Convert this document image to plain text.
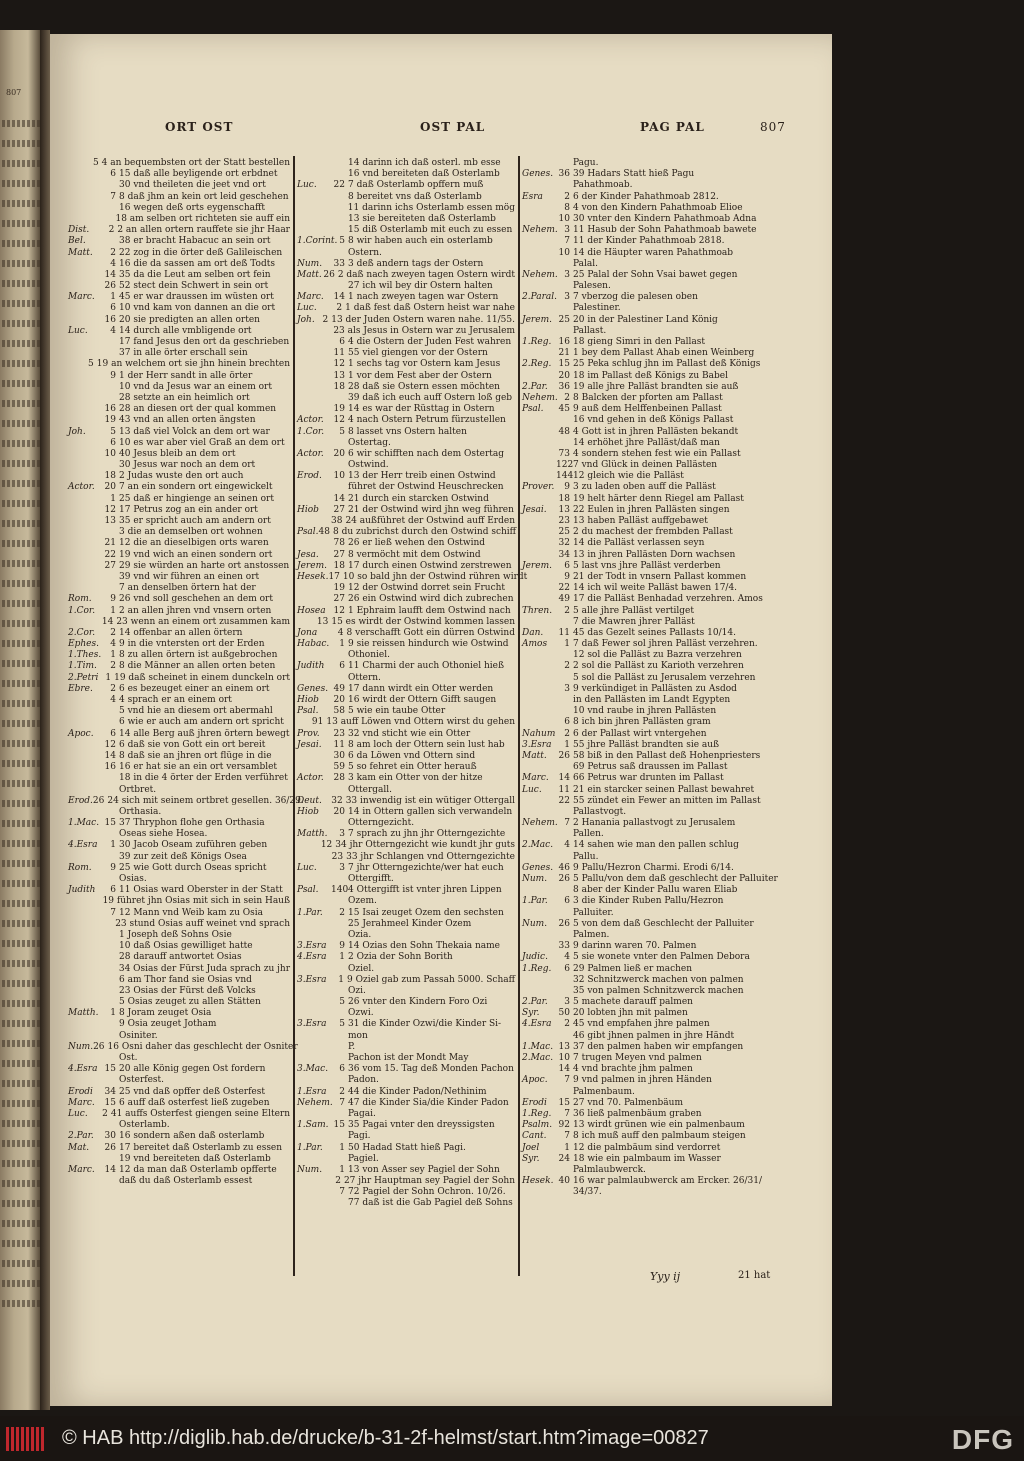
807
ORT OST	OST PAL	PAG PAL	807
5 4 an bequembsten ort der Statt bestellen
6 15 daß alle beyligende ort erbdnet
30 vnd theileten die jeet vnd ort
7 8 daß jhm an kein ort leid geschehen
16 wegen deß orts eygenschafft
18 am selben ort richteten sie auff ein
Dist.	2 2 an allen ortern rauffete sie jhr Haar
Bel.	38 er bracht Habacuc an sein ort
Matt.	2 22 zog in die örter deß Galileischen
4 16 die da sassen am ort deß Todts
14 35 da die Leut am selben ort fein
26 52 stect dein Schwert in sein ort
Marc.	1 45 er war draussen im wüsten ort
6 10 vnd kam von dannen an die ort
16 20 sie predigten an allen orten
Luc.	4 14 durch alle vmbligende ort
17 fand Jesus den ort da geschrieben
37 in alle örter erschall sein
5 19 an welchem ort sie jhn hinein brechten
9 1 der Herr sandt in alle örter
10 vnd da Jesus war an einem ort
28 setzte an ein heimlich ort
16 28 an diesen ort der qual kommen
19 43 vnd an allen orten ängsten
Joh.	5 13 daß viel Volck an dem ort war
6 10 es war aber viel Graß an dem ort
10 40 Jesus bleib an dem ort
30 Jesus war noch an dem ort
18 2 Judas wuste den ort auch
Actor.	20 7 an ein sondern ort eingewickelt
1 25 daß er hingienge an seinen ort
12 17 Petrus zog an ein ander ort
13 35 er spricht auch am andern ort
3 die an demselben ort wohnen
21 12 die an dieselbigen orts waren
22 19 vnd wich an einen sondern ort
27 29 sie würden an harte ort anstossen
39 vnd wir führen an einen ort
7 an denselben örtern hat der
Rom.	9 26 vnd soll geschehen an dem ort
1.Cor.	1 2 an allen jhren vnd vnsern orten
14 23 wenn an einem ort zusammen kam
2.Cor.	2 14 offenbar an allen örtern
Ephes.	4 9 in die vntersten ort der Erden
1.Thes.	1 8 zu allen örtern ist außgebrochen
1.Tim.	2 8 die Männer an allen orten beten
2.Petri 1 19 daß scheinet in einem dunckeln ort
Ebre.	2 6 es bezeuget einer an einem ort
4 4 sprach er an einem ort
5 vnd hie an diesem ort abermahl
6 wie er auch am andern ort spricht
Apoc.	6 14 alle Berg auß jhren örtern bewegt
12 6 daß sie von Gott ein ort bereit
14 8 daß sie an jhren ort flüge in die
16 16 er hat sie an ein ort versamblet
18 in die 4 örter der Erden verführet
Ortbret.
Erod. 26 24 sich mit seinem ortbret gesellen. 36/29.
Orthasia.
1.Mac. 15 37 Thryphon flohe gen Orthasia
Oseas siehe Hosea.
4.Esra	1 30 Jacob Oseam zuführen geben
39 zur zeit deß Königs Osea
Rom.	9 25 wie Gott durch Oseas spricht
Osias.
Judith	6 11 Osias ward Oberster in der Statt
19 führet jhn Osias mit sich in sein Hauß
7 12 Mann vnd Weib kam zu Osia
23 stund Osias auff weinet vnd sprach
1 Joseph deß Sohns Osie
10 daß Osias gewilliget hatte
28 darauff antwortet Osias
34 Osias der Fürst Juda sprach zu jhr
6 am Thor fand sie Osias vnd
23 Osias der Fürst deß Volcks
5 Osias zeuget zu allen Stätten
Matth.	1 8 Joram zeuget Osia
9 Osia zeuget Jotham
Osiniter.
Num. 26 16 Osni daher das geschlecht der Osniter
Ost.
4.Esra 15 20 alle König gegen Ost fordern
Osterfest.
Erodi	34 25 vnd daß opffer deß Osterfest
Marc.	15 6 auff daß osterfest ließ zugeben
Luc.	2 41 auffs Osterfest giengen seine Eltern
Osterlamb.
2.Par.	30 16 sondern aßen daß osterlamb
Mat.	26 17 bereitet daß Osterlamb zu essen
19 vnd bereiteten daß Osterlamb
Marc.	14 12 da man daß Osterlamb opfferte
daß du daß Osterlamb essest
14 darinn ich daß osterl. mb esse
16 vnd bereiteten daß Osterlamb
Luc.	22 7 daß Osterlamb opffern muß
8 bereitet vns daß Osterlamb
11 darinn ichs Osterlamb essen mög
13 sie bereiteten daß Osterlamb
15 diß Osterlamb mit euch zu essen
1.Corint. 5 8 wir haben auch ein osterlamb
Ostern.
Num.	33 3 deß andern tags der Ostern
Matt. 26 2 daß nach zweyen tagen Ostern wirdt
27 ich wil bey dir Ostern halten
Marc.	14 1 nach zweyen tagen war Ostern
Luc.	2 1 daß fest daß Ostern heist war nahe
Joh. 2 13 der Juden Ostern waren nahe. 11/55.
23 als Jesus in Ostern war zu Jerusalem
6 4 die Ostern der Juden Fest wahren
11 55 viel giengen vor der Ostern
12 1 sechs tag vor Ostern kam Jesus
13 1 vor dem Fest aber der Ostern
18 28 daß sie Ostern essen möchten
39 daß ich euch auff Ostern loß geb
19 14 es war der Rüsttag in Ostern
Actor.	12 4 nach Ostern Petrum fürzustellen
1.Cor.	5 8 lasset vns Ostern halten
Ostertag.
Actor.	20 6 wir schifften nach dem Ostertag
Ostwind.
Erod.	10 13 der Herr treib einen Ostwind
führet der Ostwind Heuschrecken
14 21 durch ein starcken Ostwind
Hiob	27 21 der Ostwind wird jhn weg führen
38 24 außführet der Ostwind auff Erden
Psal. 48 8 du zubrichst durch den Ostwind schiff
78 26 er ließ wehen den Ostwind
Jesa.	27 8 vermöcht mit dem Ostwind
Jerem. 18 17 durch einen Ostwind zerstrewen
Hesek. 17 10 so bald jhn der Ostwind rühren wirdt
19 12 der Ostwind dorret sein Frucht
27 26 ein Ostwind wird dich zubrechen
Hosea 12 1 Ephraim laufft dem Ostwind nach
13 15 es wirdt der Ostwind kommen lassen
Jona	4 8 verschafft Gott ein dürren Ostwind
Habac.	1 9 sie reissen hindurch wie Ostwind
Othoniel.
Judith	6 11 Charmi der auch Othoniel hieß
Ottern.
Genes. 49 17 dann wirdt ein Otter werden
Hiob	20 16 wirdt der Ottern Gifft saugen
Psal.	58 5 wie ein taube Otter
91 13 auff Löwen vnd Ottern wirst du gehen
Prov.	23 32 vnd sticht wie ein Otter
Jesai.	11 8 am loch der Ottern sein lust hab
30 6 da Löwen vnd Ottern sind
59 5 so fehret ein Otter herauß
Actor.	28 3 kam ein Otter von der hitze
Ottergall.
Deut.	32 33 inwendig ist ein wütiger Ottergall
Hiob	20 14 in Ottern gallen sich verwandeln
Otterngezicht.
Matth.	3 7 sprach zu jhn jhr Otterngezichte
12 34 jhr Otterngezicht wie kundt jhr guts
23 33 jhr Schlangen vnd Otterngezichte
Luc.	3 7 jhr Otterngezichte/wer hat euch
Ottergifft.
Psal.	140 4 Ottergifft ist vnter jhren Lippen
Ozem.
1.Par.	2 15 Isai zeuget Ozem den sechsten
25 Jerahmeel Kinder Ozem
Ozia.
3.Esra	9 14 Ozias den Sohn Thekaia name
4.Esra	1 2 Ozia der Sohn Borith
Oziel.
3.Esra	1 9 Oziel gab zum Passah 5000. Schaff
Ozi.
5 26 vnter den Kindern Foro Ozi
Ozwi.
3.Esra	5 31 die Kinder Ozwi/die Kinder Si-
mon
P.
Pachon ist der Mondt May
3.Mac.	6 36 vom 15. Tag deß Monden Pachon
Padon.
1.Esra	2 44 die Kinder Padon/Nethinim
Nehem. 7 47 die Kinder Sia/die Kinder Padon
Pagai.
1.Sam. 15 35 Pagai vnter den dreyssigsten
Pagi.
1.Par.	1 50 Hadad Statt hieß Pagi.
Pagiel.
Num.	1 13 von Asser sey Pagiel der Sohn
2 27 jhr Hauptman sey Pagiel der Sohn
7 72 Pagiel der Sohn Ochron. 10/26.
77 daß ist die Gab Pagiel deß Sohns
Pagu.
Genes. 36 39 Hadars Statt hieß Pagu
Pahathmoab.
Esra	2 6 der Kinder Pahathmoab 2812.
8 4 von den Kindern Pahathmoab Elioe
10 30 vnter den Kindern Pahathmoab Adna
Nehem. 3 11 Hasub der Sohn Pahathmoab bawete
7 11 der Kinder Pahathmoab 2818.
10 14 die Häupter waren Pahathmoab
Palal.
Nehem. 3 25 Palal der Sohn Vsai bawet gegen
Palesen.
2.Paral. 3 7 vberzog die palesen oben
Palestiner.
Jerem. 25 20 in der Palestiner Land König
Pallast.
1.Reg. 16 18 gieng Simri in den Pallast
21 1 bey dem Pallast Ahab einen Weinberg
2.Reg. 15 25 Peka schlug jhn im Pallast deß Königs
20 18 im Pallast deß Königs zu Babel
2.Par.	36 19 alle jhre Palläst brandten sie auß
Nehem. 2 8 Balcken der pforten am Pallast
Psal.	45 9 auß dem Helffenbeinen Pallast
16 vnd gehen in deß Königs Pallast
48 4 Gott ist in jhren Pallästen bekandt
14 erhöhet jhre Palläst/daß man
73 4 sondern stehen fest wie ein Pallast
122 7 vnd Glück in deinen Pallästen
144 12 gleich wie die Palläst
Prover.	9 3 zu laden oben auff die Palläst
18 19 helt härter denn Riegel am Pallast
Jesai.	13 22 Eulen in jhren Pallästen singen
23 13 haben Palläst auffgebawet
25 2 du machest der frembden Pallast
32 14 die Palläst verlassen seyn
34 13 in jhren Pallästen Dorn wachsen
Jerem.	6 5 last vns jhre Palläst verderben
9 21 der Todt in vnsern Pallast kommen
22 14 ich wil weite Palläst bawen 17/4.
49 17 die Palläst Benhadad verzehren. Amos
Thren.	2 5 alle jhre Palläst vertilget
7 die Mawren jhrer Palläst
Dan.	11 45 das Gezelt seines Pallasts 10/14.
Amos	1 7 daß Fewer sol jhren Palläst verzehren.
12 sol die Palläst zu Bazra verzehren
2 2 sol die Palläst zu Karioth verzehren
5 sol die Palläst zu Jerusalem verzehren
3 9 verkündiget in Pallästen zu Asdod
in den Pallästen im Landt Egypten
10 vnd raube in jhren Pallästen
6 8 ich bin jhren Pallästen gram
Nahum 2 6 der Pallast wirt vntergehen
3.Esra	1 55 jhre Palläst brandten sie auß
Matt.	26 58 biß in den Pallast deß Hohenpriesters
69 Petrus saß draussen im Pallast
Marc.	14 66 Petrus war drunten im Pallast
Luc.	11 21 ein starcker seinen Pallast bewahret
22 55 zündet ein Fewer an mitten im Pallast
Pallastvogt.
Nehem. 7 2 Hanania pallastvogt zu Jerusalem
Pallen.
2.Mac.	4 14 sahen wie man den pallen schlug
Pallu.
Genes. 46 9 Pallu/Hezron Charmi. Erodi 6/14.
Num.	26 5 Pallu/von dem daß geschlecht der Palluiter
8 aber der Kinder Pallu waren Eliab
1.Par.	6 3 die Kinder Ruben Pallu/Hezron
Palluiter.
Num.	26 5 von dem daß Geschlecht der Palluiter
Palmen.
33 9 darinn waren 70. Palmen
Judic.	4 5 sie wonete vnter den Palmen Debora
1.Reg.	6 29 Palmen ließ er machen
32 Schnitzwerck machen von palmen
35 von palmen Schnitzwerck machen
2.Par.	3 5 machete darauff palmen
Syr.	50 20 lobten jhn mit palmen
4.Esra	2 45 vnd empfahen jhre palmen
46 gibt jhnen palmen in jhre Händt
1.Mac. 13 37 den palmen haben wir empfangen
2.Mac. 10 7 trugen Meyen vnd palmen
14 4 vnd brachte jhm palmen
Apoc.	7 9 vnd palmen in jhren Händen
Palmenbaum.
Erodi	15 27 vnd 70. Palmenbäum
1.Reg.	7 36 ließ palmenbäum graben
Psalm. 92 13 wirdt grünen wie ein palmenbaum
Cant.	7 8 ich muß auff den palmbaum steigen
Joel	1 12 die palmbäum sind verdorret
Syr.	24 18 wie ein palmbaum im Wasser
Palmlaubwerck.
Hesek. 40 16 war palmlaubwerck am Ercker. 26/31/
34/37.
Yyy ij	21 hat
© HAB http://diglib.hab.de/drucke/b-31-2f-helmst/start.htm?image=00827	DFG
